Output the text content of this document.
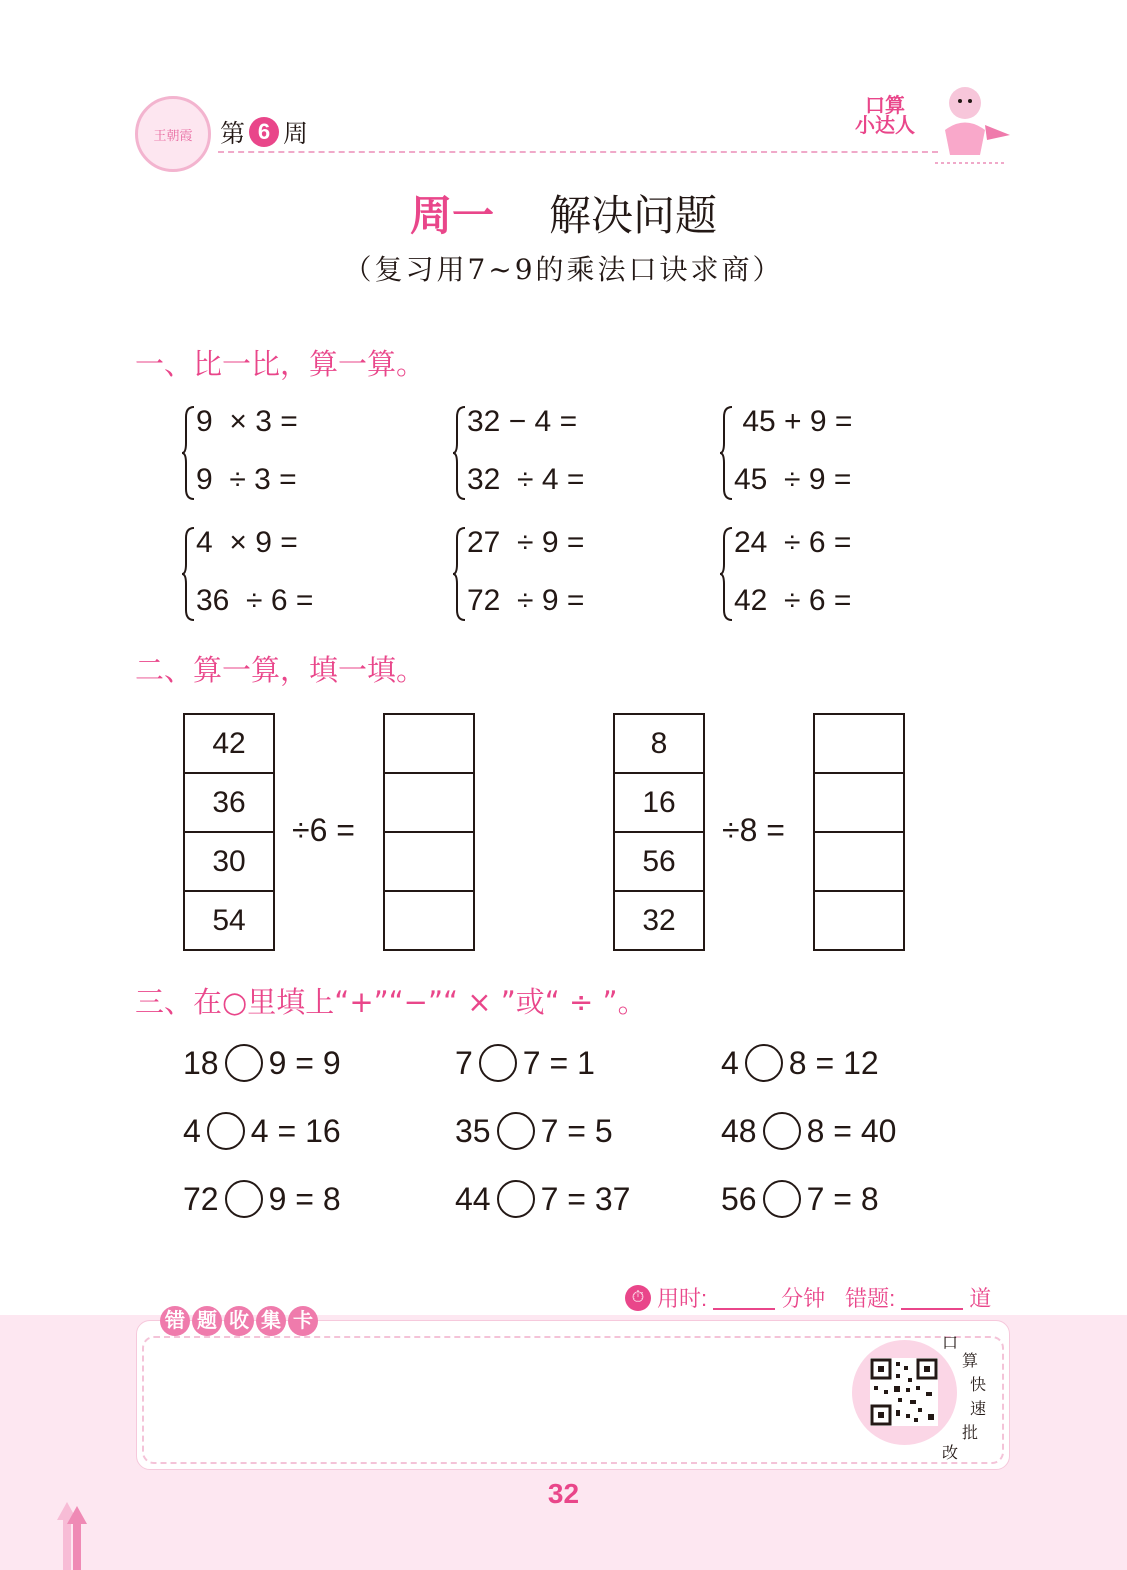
王朝霞	第 6 周
口算
小达人
周一 解决问题
（复习用7~9的乘法口诀求商）
一、比一比，算一算。
9  × 3 =
9  ÷ 3 =
32 − 4 =
32  ÷ 4 =
45 + 9 =
45  ÷ 9 =
4  × 9 =
36  ÷ 6 =
27  ÷ 9 =
72  ÷ 9 =
24  ÷ 6 =
42  ÷ 6 =
二、算一算，填一填。
42
36
30
54
÷6 =

8
16
56
32
÷8 =

三、在○里填上“+”“−”“ × ”或“ ÷ ”。
18 9 = 9	7 7 = 1	4 8 = 12
4 4 = 16	35 7 = 5	48 8 = 40
72 9 = 8	44 7 = 37	56 7 = 8
⏱ 用时:	分钟 错题:	道
错 题 收 集 卡
口
算
快
速
批
改
32
